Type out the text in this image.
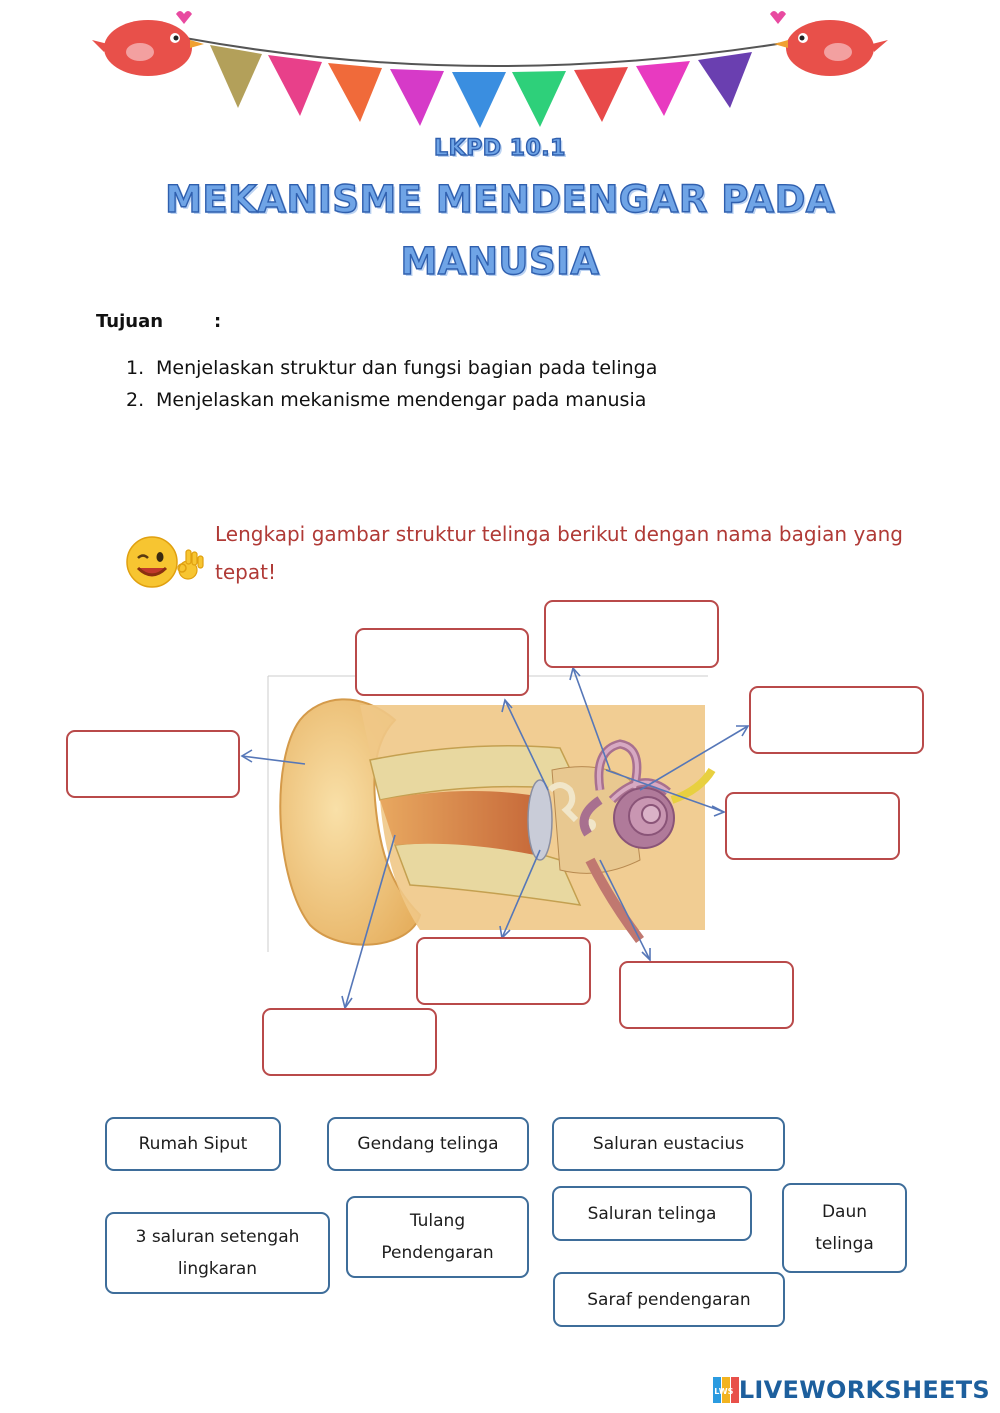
LKPD 10.1
MEKANISME MENDENGAR PADA
MANUSIA
Tujuan	:
1. Menjelaskan struktur dan fungsi bagian pada telinga
2. Menjelaskan mekanisme mendengar pada manusia
Lengkapi gambar struktur telinga berikut dengan nama bagian yang tepat!
Rumah Siput	Gendang telinga	Saluran eustacius
3 saluran setengah lingkaran
Tulang Pendengaran
Saluran telinga	Daun telinga
Saraf pendengaran
LWS LIVEWORKSHEETS
